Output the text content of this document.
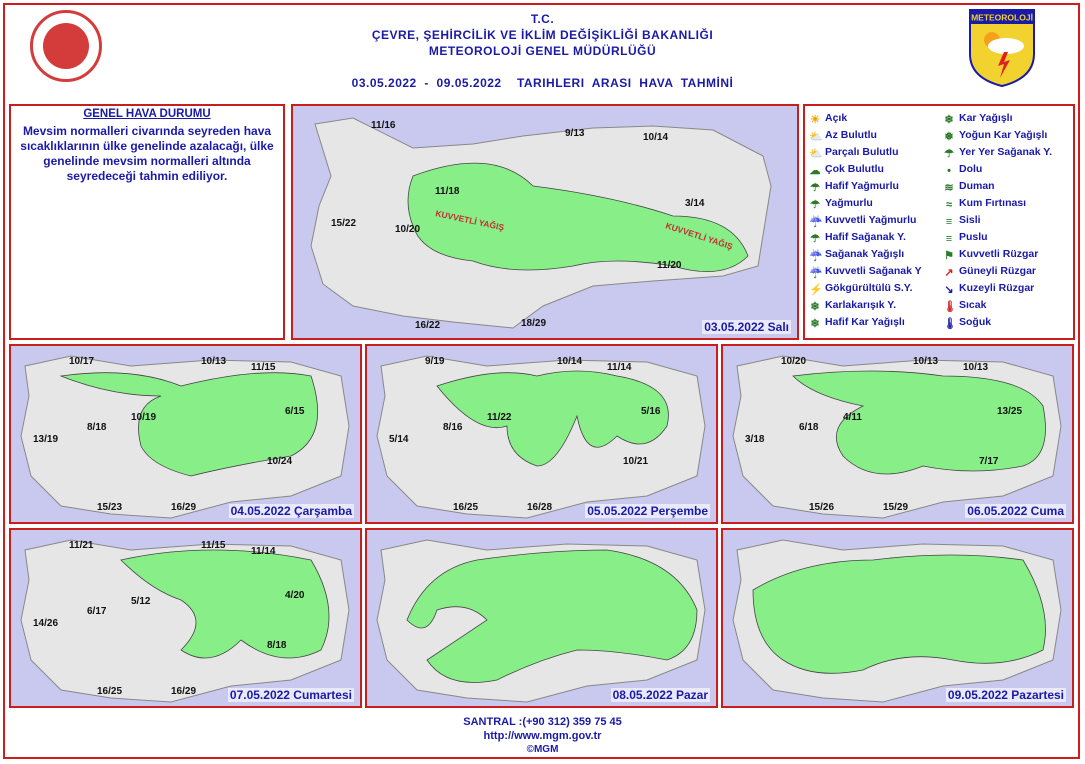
T.C.
ÇEVRE, ŞEHİRCİLİK VE İKLİM DEĞİŞİKLİĞİ BAKANLIĞI
METEOROLOJİ GENEL MÜDÜRLÜĞÜ
03.05.2022  -  09.05.2022    TARIHLERI  ARASI  HAVA  TAHMİNİ
METEOROLOJİ
GENEL HAVA DURUMU
Mevsim normalleri civarında seyreden hava sıcaklıklarının ülke genelinde azalacağı, ülke genelinde mevsim normalleri altında seyredeceği tahmin ediliyor.
KUVVETLİ YAĞIŞ
KUVVETLİ YAĞIŞ
11/16
9/13	10/14
11/18
15/22
10/20
3/14
11/20
16/22	18/29	03.05.2022 Salı
☀ Açık
⛅ Az Bulutlu
⛅ Parçalı Bulutlu
☁ Çok Bulutlu
☂ Hafif Yağmurlu
☂ Yağmurlu
☔ Kuvvetli Yağmurlu
☂ Hafif Sağanak Y.
☔ Sağanak Yağışlı
☔ Kuvvetli Sağanak Y
⚡ Gökgürültülü S.Y.
❄ Karlakarışık Y.
❄ Hafif Kar Yağışlı
❄ Kar Yağışlı
❅ Yoğun Kar Yağışlı
☂ Yer Yer Sağanak Y.
• Dolu
≋ Duman
≈ Kum Fırtınası
≡ Sisli
≡ Puslu
⚑ Kuvvetli Rüzgar
↗ Güneyli Rüzgar
↘ Kuzeyli Rüzgar
🌡 Sıcak
🌡 Soğuk
10/17	10/13
11/15
8/18
10/19
6/15
13/19
10/24
15/23	16/29	04.05.2022 Çarşamba
9/19	10/14
11/14
8/16
11/22
5/16
5/14
10/21
16/25	16/28	05.05.2022 Perşembe
10/20	10/13
10/13
6/18
4/11
13/25
3/18
7/17
15/26	15/29	06.05.2022 Cuma
11/21	11/15
11/14
6/17
5/12
4/20
14/26
8/18
16/25	16/29	07.05.2022 Cumartesi	08.05.2022 Pazar	09.05.2022 Pazartesi
SANTRAL :(+90 312) 359 75 45
http://www.mgm.gov.tr
©MGM
